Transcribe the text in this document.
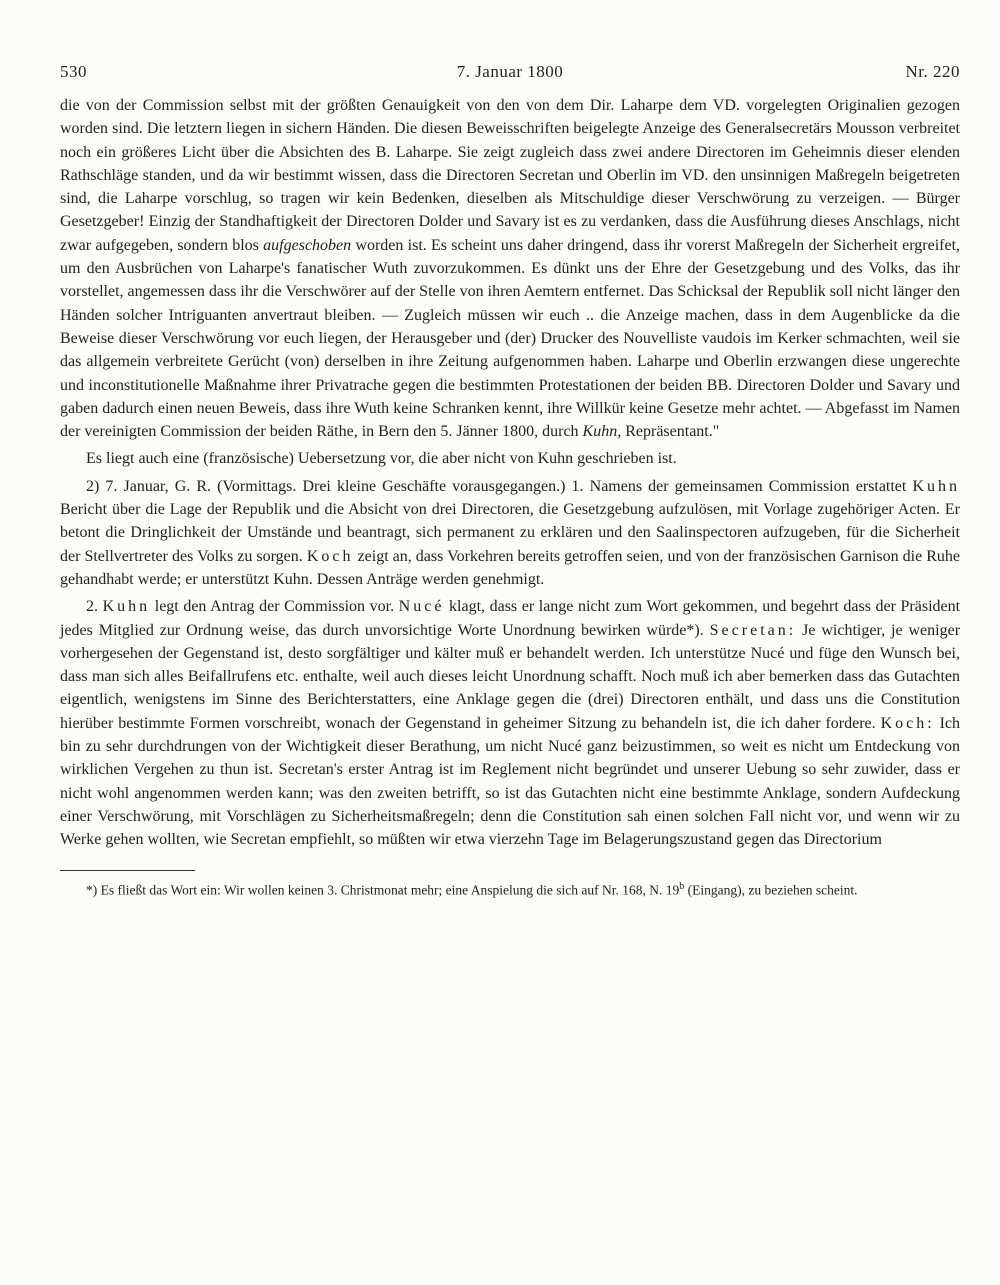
530	7. Januar 1800	Nr. 220

die von der Commission selbst mit der größten Genauigkeit von den von dem Dir. Laharpe dem VD. vorgelegten Originalien gezogen worden sind. Die letztern liegen in sichern Händen. Die diesen Beweisschriften beigelegte Anzeige des Generalsecretärs Mousson verbreitet noch ein größeres Licht über die Absichten des B. Laharpe. Sie zeigt zugleich dass zwei andere Directoren im Geheimnis dieser elenden Rathschläge standen, und da wir bestimmt wissen, dass die Directoren Secretan und Oberlin im VD. den unsinnigen Maßregeln beigetreten sind, die Laharpe vorschlug, so tragen wir kein Bedenken, dieselben als Mitschuldige dieser Verschwörung zu verzeigen. — Bürger Gesetzgeber! Einzig der Standhaftigkeit der Directoren Dolder und Savary ist es zu verdanken, dass die Ausführung dieses Anschlags, nicht zwar aufgegeben, sondern blos aufgeschoben worden ist. Es scheint uns daher dringend, dass ihr vorerst Maßregeln der Sicherheit ergreifet, um den Ausbrüchen von Laharpe's fanatischer Wuth zuvorzukommen. Es dünkt uns der Ehre der Gesetzgebung und des Volks, das ihr vorstellet, angemessen dass ihr die Verschwörer auf der Stelle von ihren Aemtern entfernet. Das Schicksal der Republik soll nicht länger den Händen solcher Intriguanten anvertraut bleiben. — Zugleich müssen wir euch .. die Anzeige machen, dass in dem Augenblicke da die Beweise dieser Verschwörung vor euch liegen, der Herausgeber und (der) Drucker des Nouvelliste vaudois im Kerker schmachten, weil sie das allgemein verbreitete Gerücht (von) derselben in ihre Zeitung aufgenommen haben. Laharpe und Oberlin erzwangen diese ungerechte und inconstitutionelle Maßnahme ihrer Privatrache gegen die bestimmten Protestationen der beiden BB. Directoren Dolder und Savary und gaben dadurch einen neuen Beweis, dass ihre Wuth keine Schranken kennt, ihre Willkür keine Gesetze mehr achtet. — Abgefasst im Namen der vereinigten Commission der beiden Räthe, in Bern den 5. Jänner 1800, durch Kuhn, Repräsentant."

Es liegt auch eine (französische) Uebersetzung vor, die aber nicht von Kuhn geschrieben ist.

2) 7. Januar, G. R. (Vormittags. Drei kleine Geschäfte vorausgegangen.) 1. Namens der gemeinsamen Commission erstattet Kuhn Bericht über die Lage der Republik und die Absicht von drei Directoren, die Gesetzgebung aufzulösen, mit Vorlage zugehöriger Acten. Er betont die Dringlichkeit der Umstände und beantragt, sich permanent zu erklären und den Saalinspectoren aufzugeben, für die Sicherheit der Stellvertreter des Volks zu sorgen. Koch zeigt an, dass Vorkehren bereits getroffen seien, und von der französischen Garnison die Ruhe gehandhabt werde; er unterstützt Kuhn. Dessen Anträge werden genehmigt.

2. Kuhn legt den Antrag der Commission vor. Nucé klagt, dass er lange nicht zum Wort gekommen, und begehrt dass der Präsident jedes Mitglied zur Ordnung weise, das durch unvorsichtige Worte Unordnung bewirken würde*). Secretan: Je wichtiger, je weniger vorhergesehen der Gegenstand ist, desto sorgfältiger und kälter muß er behandelt werden. Ich unterstütze Nucé und füge den Wunsch bei, dass man sich alles Beifallrufens etc. enthalte, weil auch dieses leicht Unordnung schafft. Noch muß ich aber bemerken dass das Gutachten eigentlich, wenigstens im Sinne des Berichterstatters, eine Anklage gegen die (drei) Directoren enthält, und dass uns die Constitution hierüber bestimmte Formen vorschreibt, wonach der Gegenstand in geheimer Sitzung zu behandeln ist, die ich daher fordere. Koch: Ich bin zu sehr durchdrungen von der Wichtigkeit dieser Berathung, um nicht Nucé ganz beizustimmen, so weit es nicht um Entdeckung von wirklichen Vergehen zu thun ist. Secretan's erster Antrag ist im Reglement nicht begründet und unserer Uebung so sehr zuwider, dass er nicht wohl angenommen werden kann; was den zweiten betrifft, so ist das Gutachten nicht eine bestimmte Anklage, sondern Aufdeckung einer Verschwörung, mit Vorschlägen zu Sicherheitsmaßregeln; denn die Constitution sah einen solchen Fall nicht vor, und wenn wir zu Werke gehen wollten, wie Secretan empfiehlt, so müßten wir etwa vierzehn Tage im Belagerungszustand gegen das Directorium

*) Es fließt das Wort ein: Wir wollen keinen 3. Christmonat mehr; eine Anspielung die sich auf Nr. 168, N. 19$^b$ (Eingang), zu beziehen scheint.
